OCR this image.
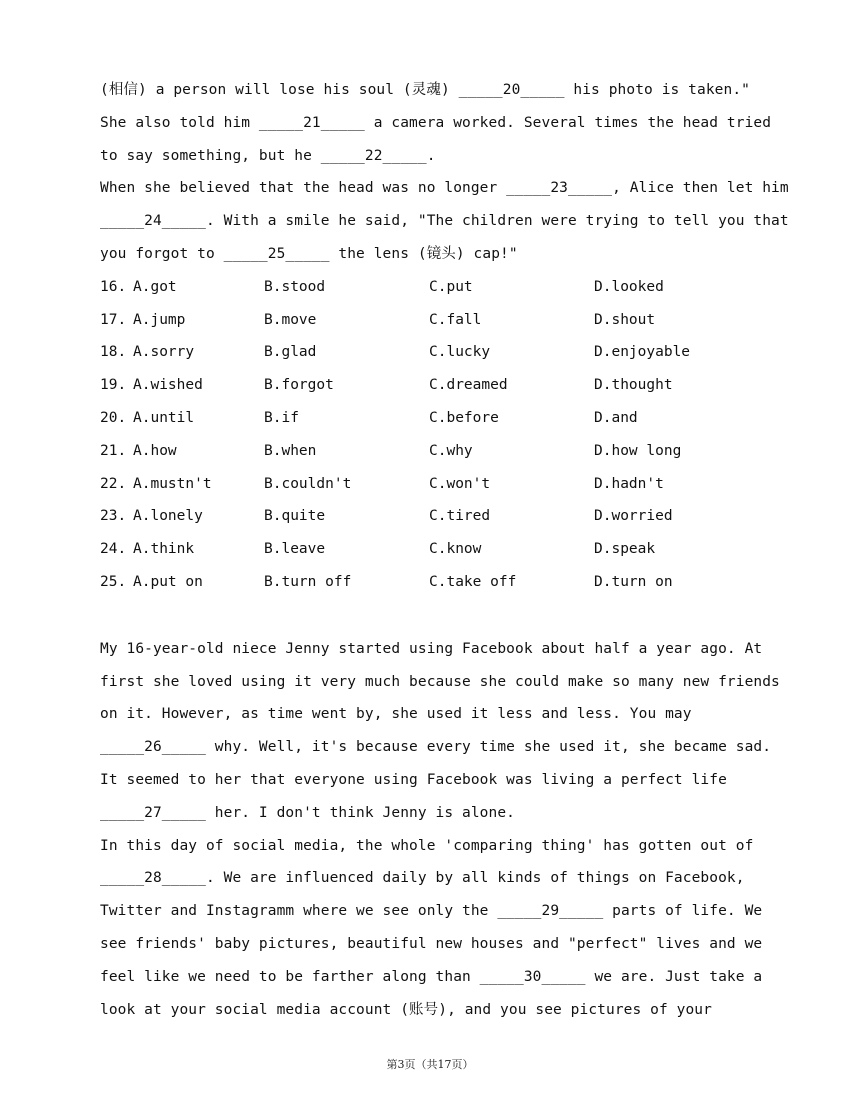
(相信) a person will lose his soul (灵魂) _____20_____ his photo is taken."
She also told him _____21_____ a camera worked. Several times the head tried
to say something, but he _____22_____.
When she believed that the head was no longer _____23_____, Alice then let him
_____24_____. With a smile he said, "The children were trying to tell you that
you forgot to _____25_____ the lens (镜头) cap!"
16. A.got	B.stood	C.put	D.looked
17. A.jump	B.move	C.fall	D.shout
18. A.sorry	B.glad	C.lucky	D.enjoyable
19. A.wished	B.forgot	C.dreamed	D.thought
20. A.until	B.if	C.before	D.and
21. A.how	B.when	C.why	D.how long
22. A.mustn't	B.couldn't	C.won't	D.hadn't
23. A.lonely	B.quite	C.tired	D.worried
24. A.think	B.leave	C.know	D.speak
25. A.put on	B.turn off	C.take off	D.turn on
My 16-year-old niece Jenny started using Facebook about half a year ago. At
first she loved using it very much because she could make so many new friends
on it. However, as time went by, she used it less and less. You may
_____26_____ why. Well, it's because every time she used it, she became sad.
It seemed to her that everyone using Facebook was living a perfect life
_____27_____ her. I don't think Jenny is alone.
In this day of social media, the whole 'comparing thing' has gotten out of
_____28_____. We are influenced daily by all kinds of things on Facebook,
Twitter and Instagramm where we see only the _____29_____ parts of life. We
see friends' baby pictures, beautiful new houses and "perfect" lives and we
feel like we need to be farther along than _____30_____ we are. Just take a
look at your social media account (账号), and you see pictures of your
第3页（共17页）
